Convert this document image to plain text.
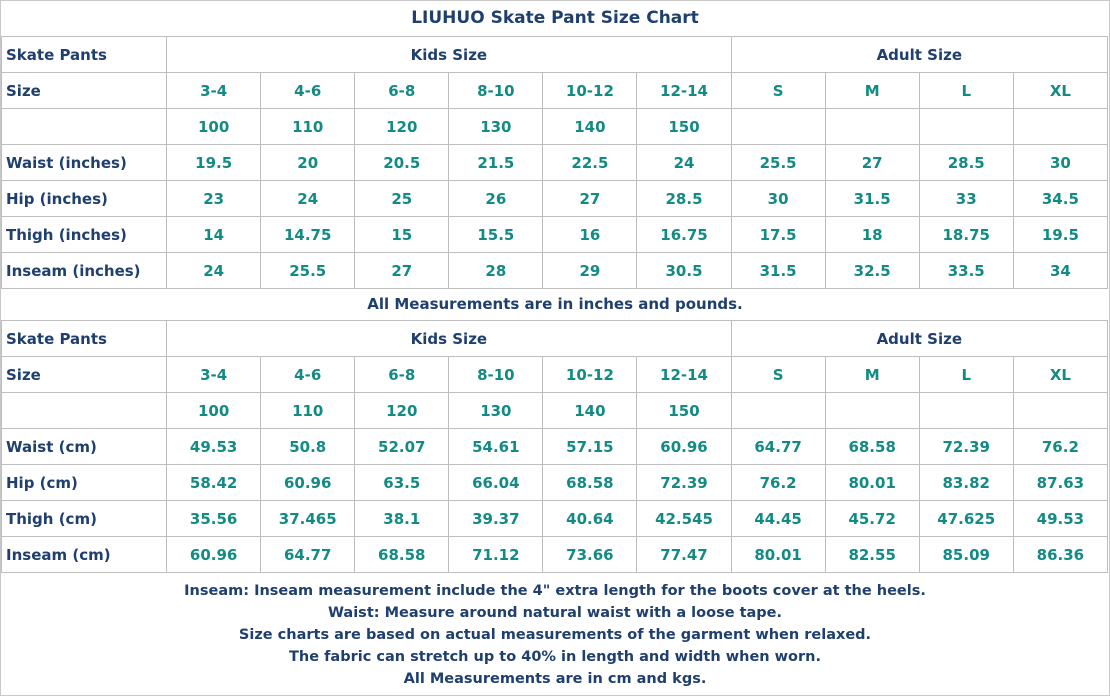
LIUHUO Skate Pant Size Chart
Skate Pants	Kids Size						Adult Size			
Size	3-4	4-6	6-8	8-10	10-12	12-14	S	M	L	XL
	100	110	120	130	140	150				
Waist (inches)	19.5	20	20.5	21.5	22.5	24	25.5	27	28.5	30
Hip (inches)	23	24	25	26	27	28.5	30	31.5	33	34.5
Thigh (inches)	14	14.75	15	15.5	16	16.75	17.5	18	18.75	19.5
Inseam (inches)	24	25.5	27	28	29	30.5	31.5	32.5	33.5	34
All Measurements are in inches and pounds.
Skate Pants	Kids Size						Adult Size			
Size	3-4	4-6	6-8	8-10	10-12	12-14	S	M	L	XL
	100	110	120	130	140	150				
Waist (cm)	49.53	50.8	52.07	54.61	57.15	60.96	64.77	68.58	72.39	76.2
Hip (cm)	58.42	60.96	63.5	66.04	68.58	72.39	76.2	80.01	83.82	87.63
Thigh (cm)	35.56	37.465	38.1	39.37	40.64	42.545	44.45	45.72	47.625	49.53
Inseam (cm)	60.96	64.77	68.58	71.12	73.66	77.47	80.01	82.55	85.09	86.36
Inseam: Inseam measurement include the 4" extra length for the boots cover at the heels.
Waist: Measure around natural waist with a loose tape.
Size charts are based on actual measurements of the garment when relaxed.
The fabric can stretch up to 40% in length and width when worn.
All Measurements are in cm and kgs.
